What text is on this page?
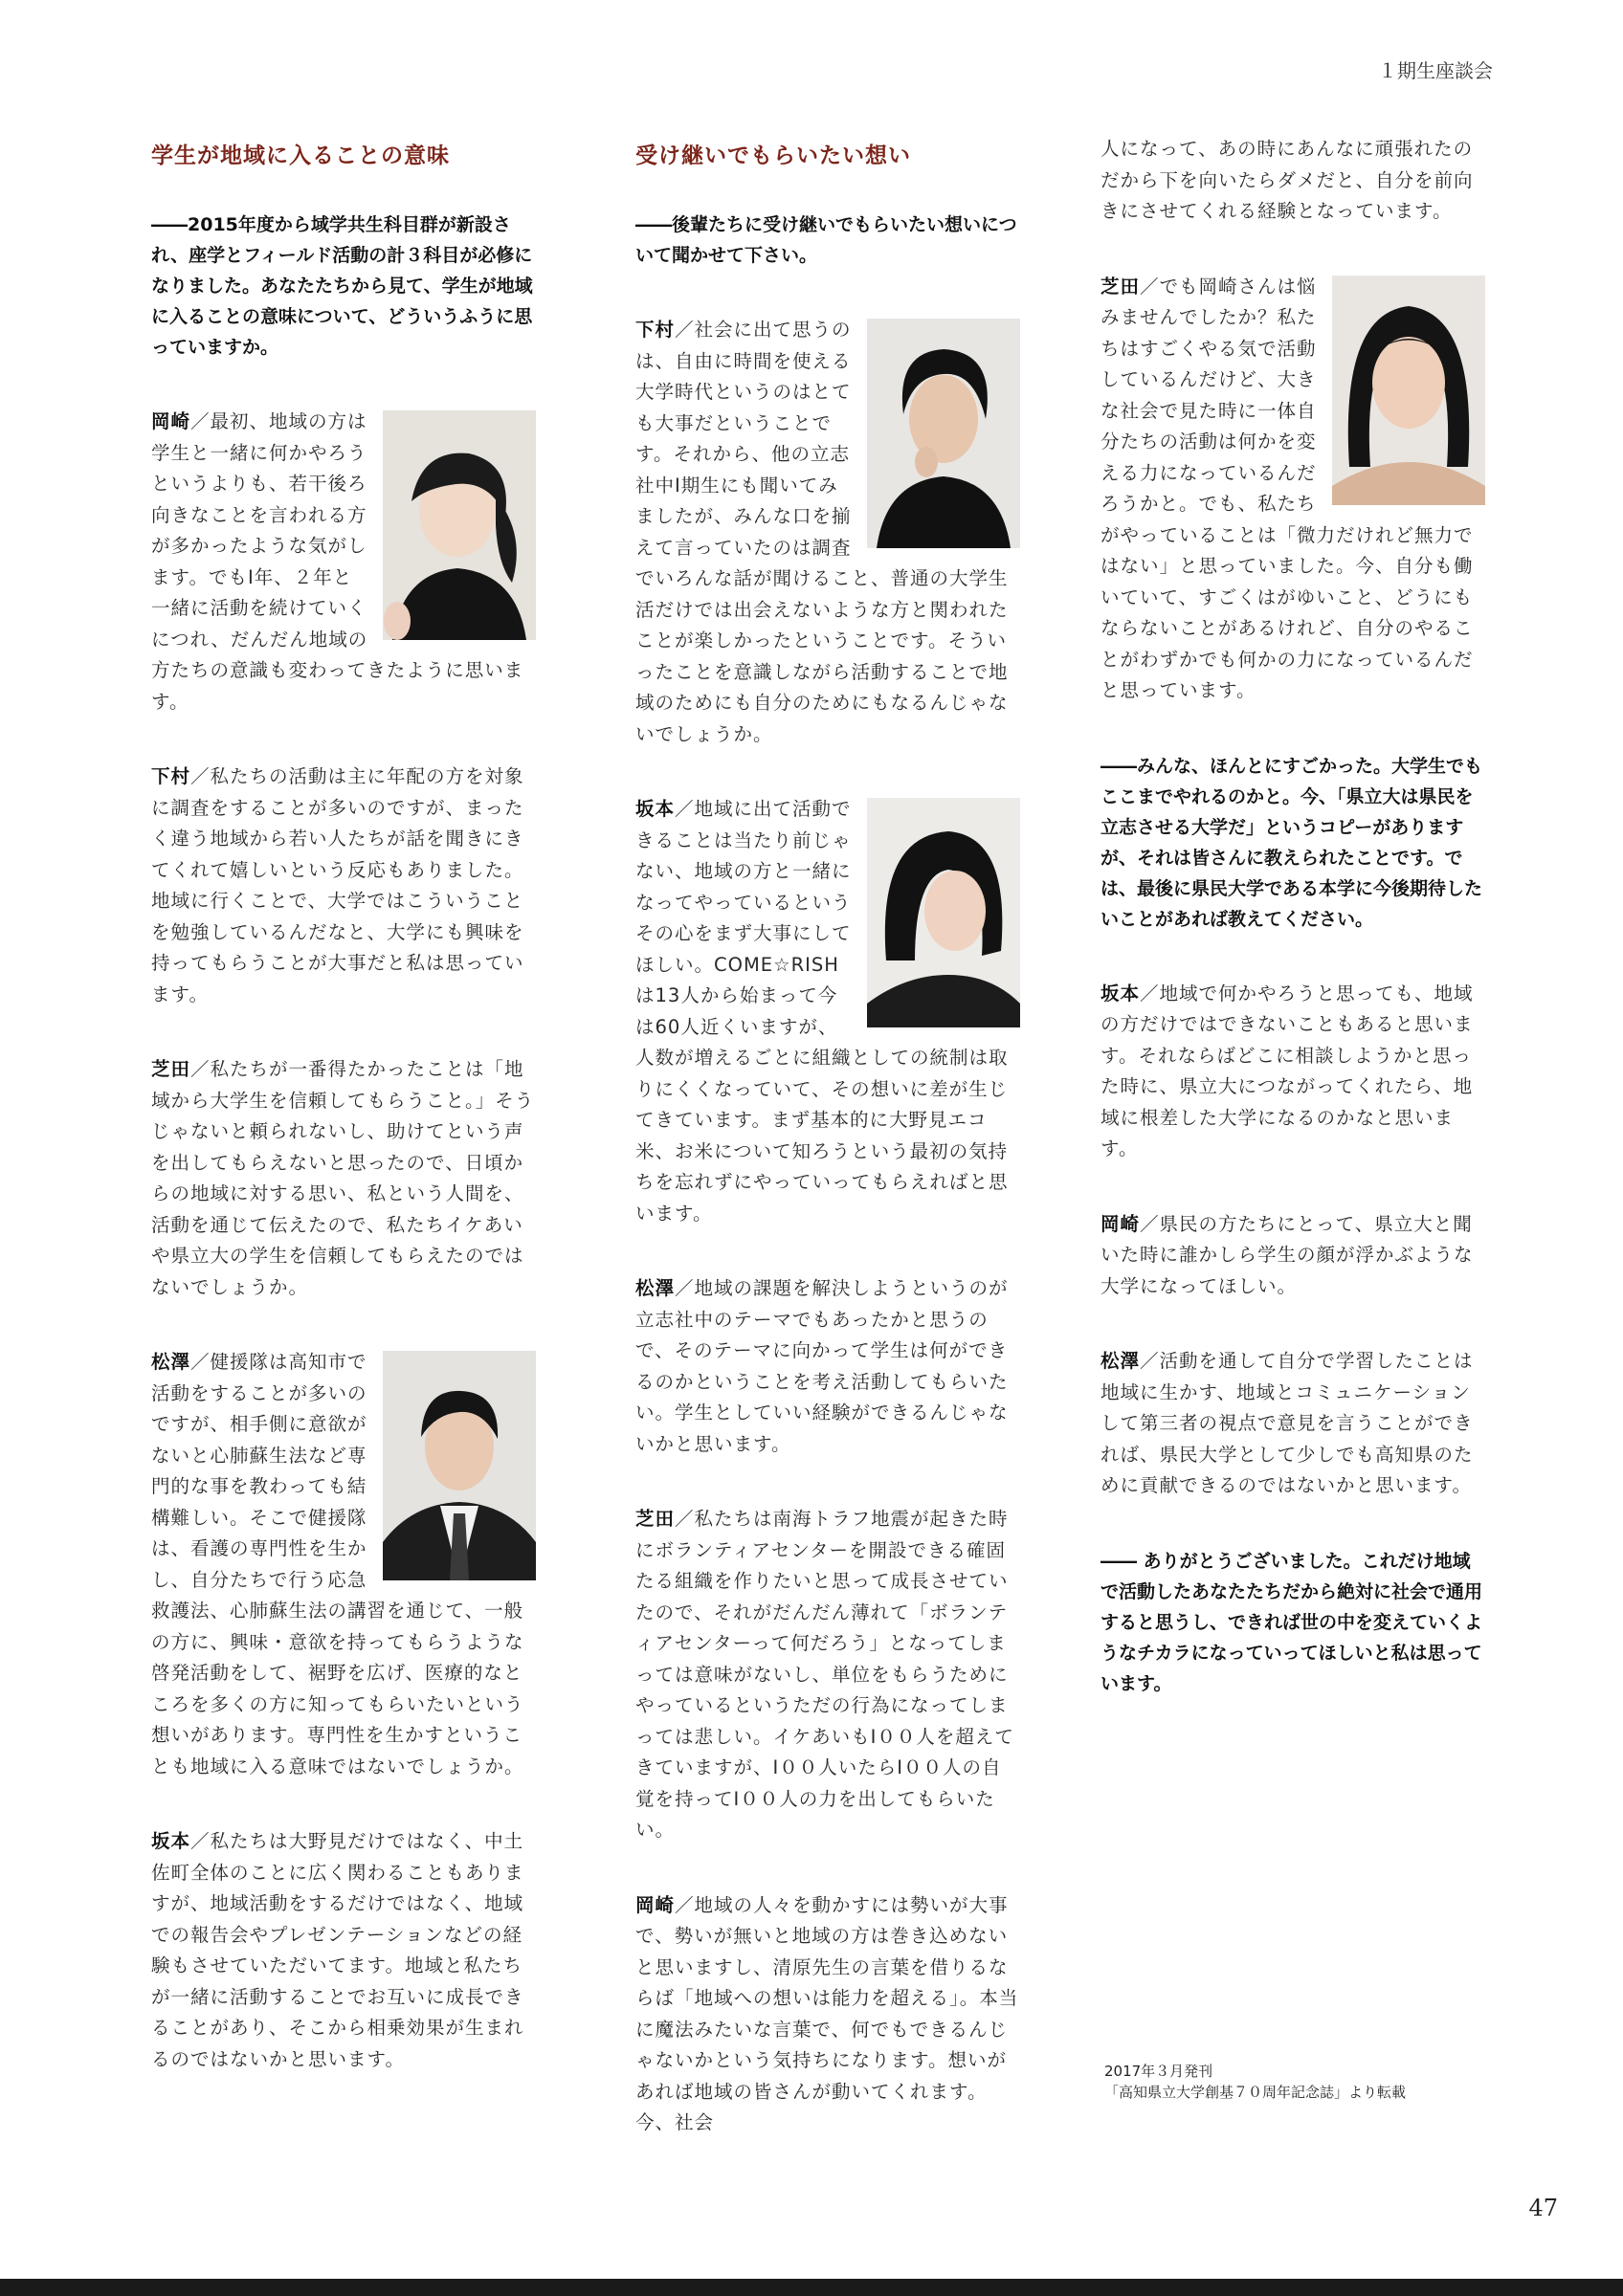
１期生座談会
学生が地域に入ることの意味
――2015年度から域学共生科目群が新設され、座学とフィールド活動の計３科目が必修になりました。あなたたちから見て、学生が地域に入ることの意味について、どういうふうに思っていますか。
岡崎／最初、地域の方は学生と一緒に何かやろうというよりも、若干後ろ向きなことを言われる方が多かったような気がします。でもⅠ年、２年と一緒に活動を続けていくにつれ、だんだん地域の方たちの意識も変わってきたように思います。
下村／私たちの活動は主に年配の方を対象に調査をすることが多いのですが、まったく違う地域から若い人たちが話を聞きにきてくれて嬉しいという反応もありました。地域に行くことで、大学ではこういうことを勉強しているんだなと、大学にも興味を持ってもらうことが大事だと私は思っています。
芝田／私たちが一番得たかったことは「地域から大学生を信頼してもらうこと。」そうじゃないと頼られないし、助けてという声を出してもらえないと思ったので、日頃からの地域に対する思い、私という人間を、活動を通じて伝えたので、私たちイケあいや県立大の学生を信頼してもらえたのではないでしょうか。
松澤／健援隊は高知市で活動をすることが多いのですが、相手側に意欲がないと心肺蘇生法など専門的な事を教わっても結構難しい。そこで健援隊は、看護の専門性を生かし、自分たちで行う応急救護法、心肺蘇生法の講習を通じて、一般の方に、興味・意欲を持ってもらうような啓発活動をして、裾野を広げ、医療的なところを多くの方に知ってもらいたいという想いがあります。専門性を生かすということも地域に入る意味ではないでしょうか。
坂本／私たちは大野見だけではなく、中土佐町全体のことに広く関わることもありますが、地域活動をするだけではなく、地域での報告会やプレゼンテーションなどの経験もさせていただいてます。地域と私たちが一緒に活動することでお互いに成長できることがあり、そこから相乗効果が生まれるのではないかと思います。
受け継いでもらいたい想い
――後輩たちに受け継いでもらいたい想いについて聞かせて下さい。
下村／社会に出て思うのは、自由に時間を使える大学時代というのはとても大事だということです。それから、他の立志社中Ⅰ期生にも聞いてみましたが、みんな口を揃えて言っていたのは調査でいろんな話が聞けること、普通の大学生活だけでは出会えないような方と関われたことが楽しかったということです。そういったことを意識しながら活動することで地域のためにも自分のためにもなるんじゃないでしょうか。
坂本／地域に出て活動できることは当たり前じゃない、地域の方と一緒になってやっているというその心をまず大事にしてほしい。COME☆RISHは13人から始まって今は60人近くいますが、人数が増えるごとに組織としての統制は取りにくくなっていて、その想いに差が生じてきています。まず基本的に大野見エコ米、お米について知ろうという最初の気持ちを忘れずにやっていってもらえればと思います。
松澤／地域の課題を解決しようというのが立志社中のテーマでもあったかと思うので、そのテーマに向かって学生は何ができるのかということを考え活動してもらいたい。学生としていい経験ができるんじゃないかと思います。
芝田／私たちは南海トラフ地震が起きた時にボランティアセンターを開設できる確固たる組織を作りたいと思って成長させていたので、それがだんだん薄れて「ボランティアセンターって何だろう」となってしまっては意味がないし、単位をもらうためにやっているというただの行為になってしまっては悲しい。イケあいもⅠ００人を超えてきていますが、Ⅰ００人いたらⅠ００人の自覚を持ってⅠ００人の力を出してもらいたい。
岡崎／地域の人々を動かすには勢いが大事で、勢いが無いと地域の方は巻き込めないと思いますし、清原先生の言葉を借りるならば「地域への想いは能力を超える」。本当に魔法みたいな言葉で、何でもできるんじゃないかという気持ちになります。想いがあれば地域の皆さんが動いてくれます。今、社会
人になって、あの時にあんなに頑張れたのだから下を向いたらダメだと、自分を前向きにさせてくれる経験となっています。
芝田／でも岡崎さんは悩みませんでしたか？私たちはすごくやる気で活動しているんだけど、大きな社会で見た時に一体自分たちの活動は何かを変える力になっているんだろうかと。でも、私たちがやっていることは「微力だけれど無力ではない」と思っていました。今、自分も働いていて、すごくはがゆいこと、どうにもならないことがあるけれど、自分のやることがわずかでも何かの力になっているんだと思っています。
――みんな、ほんとにすごかった。大学生でもここまでやれるのかと。今、「県立大は県民を立志させる大学だ」というコピーがありますが、それは皆さんに教えられたことです。では、最後に県民大学である本学に今後期待したいことがあれば教えてください。
坂本／地域で何かやろうと思っても、地域の方だけではできないこともあると思います。それならばどこに相談しようかと思った時に、県立大につながってくれたら、地域に根差した大学になるのかなと思います。
岡崎／県民の方たちにとって、県立大と聞いた時に誰かしら学生の顔が浮かぶような大学になってほしい。
松澤／活動を通して自分で学習したことは地域に生かす、地域とコミュニケーションして第三者の視点で意見を言うことができれば、県民大学として少しでも高知県のために貢献できるのではないかと思います。
―― ありがとうございました。これだけ地域で活動したあなたたちだから絶対に社会で通用すると思うし、できれば世の中を変えていくようなチカラになっていってほしいと私は思っています。
2017年３月発刊
「高知県立大学創基７０周年記念誌」より転載
47
